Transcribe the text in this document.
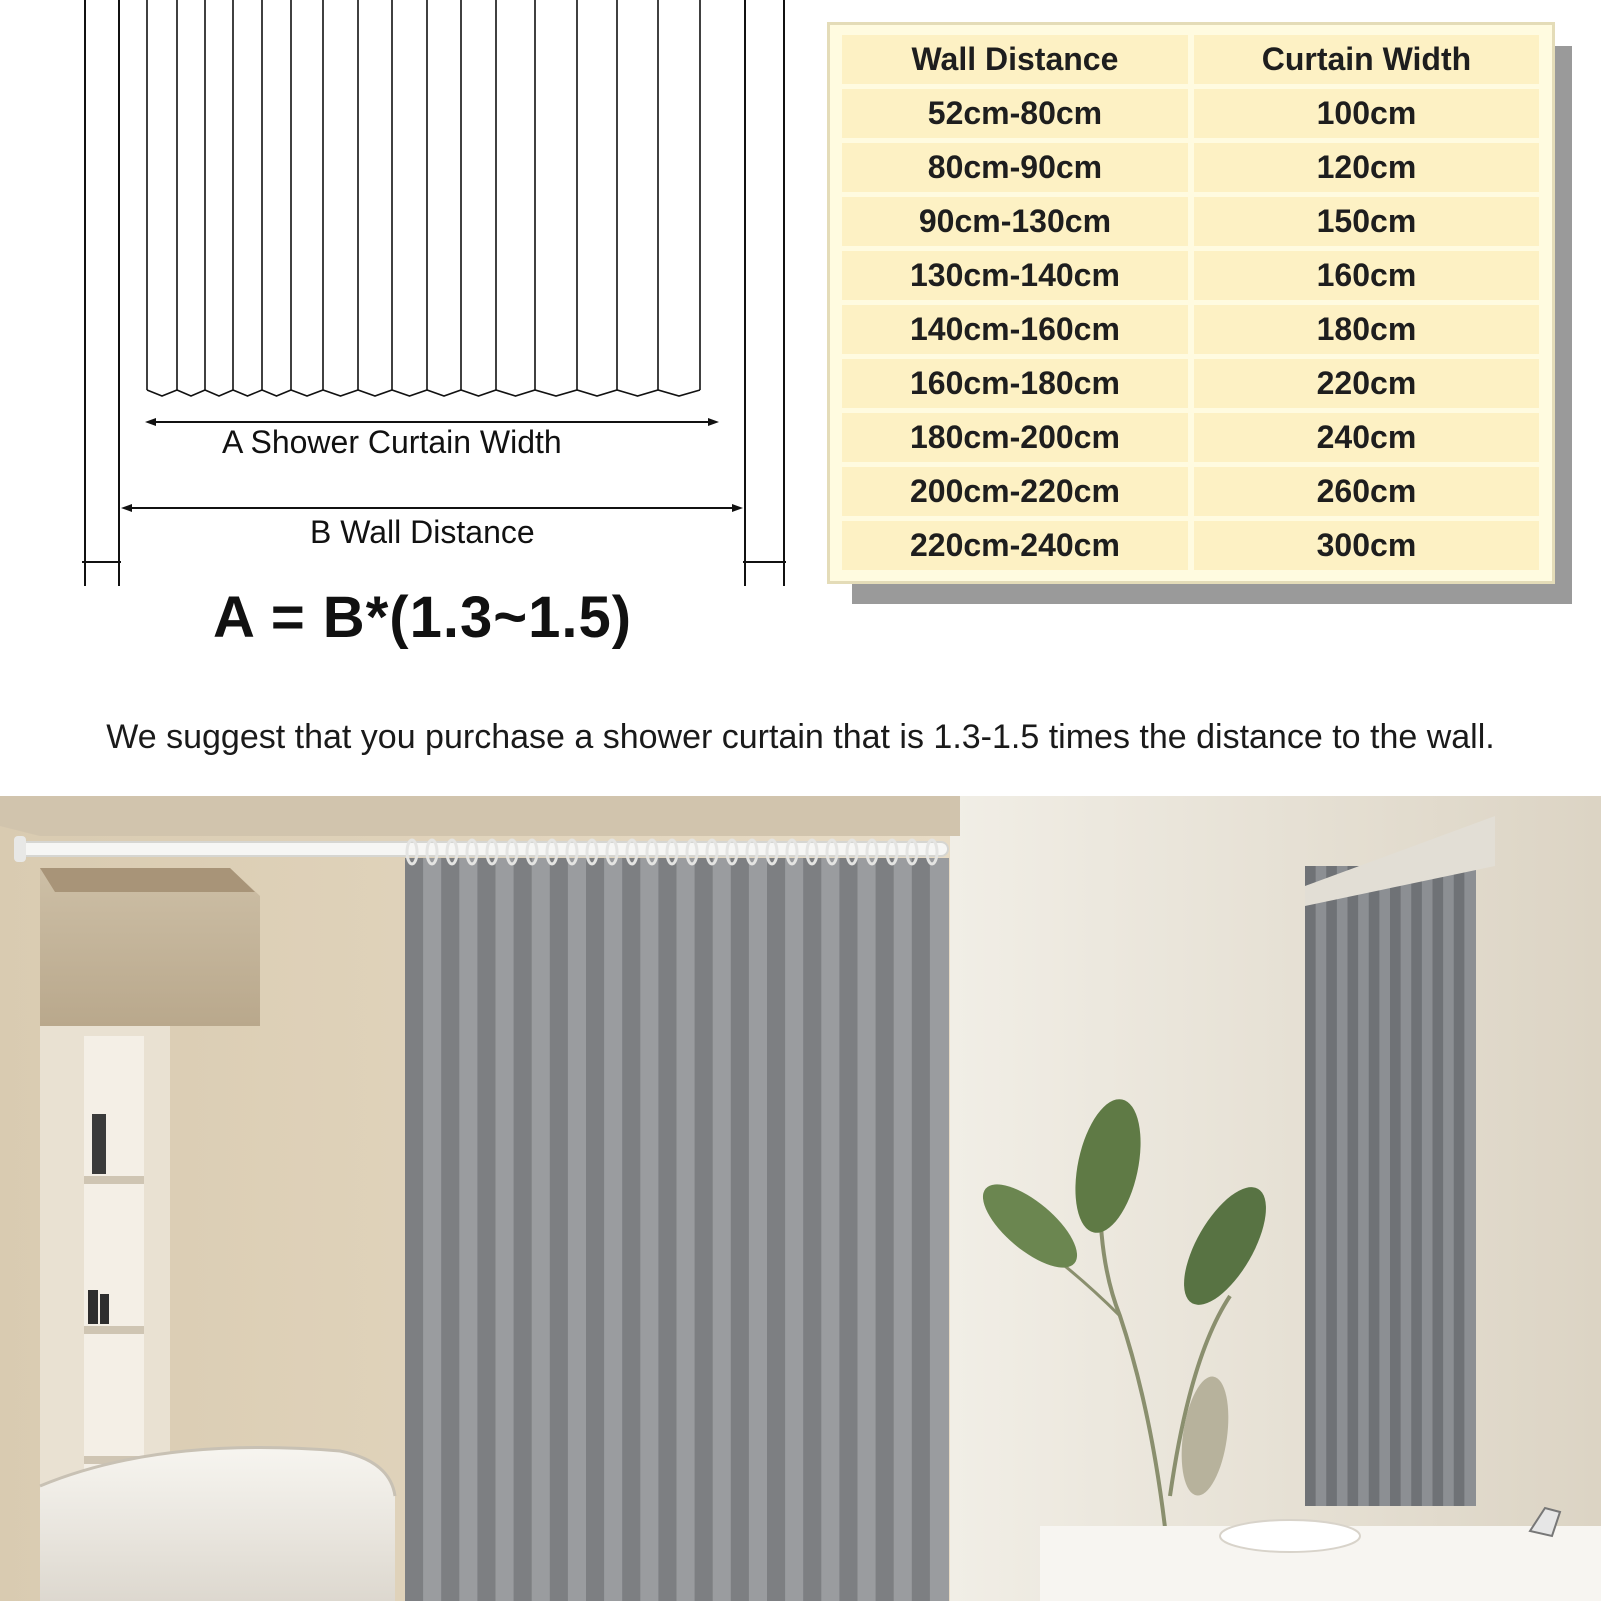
A Shower Curtain Width
B Wall Distance
A = B*(1.3~1.5)
Wall Distance	Curtain Width
52cm-80cm	100cm
80cm-90cm	120cm
90cm-130cm	150cm
130cm-140cm	160cm
140cm-160cm	180cm
160cm-180cm	220cm
180cm-200cm	240cm
200cm-220cm	260cm
220cm-240cm	300cm
We suggest that you purchase a shower curtain that is 1.3-1.5 times the distance to the wall.
